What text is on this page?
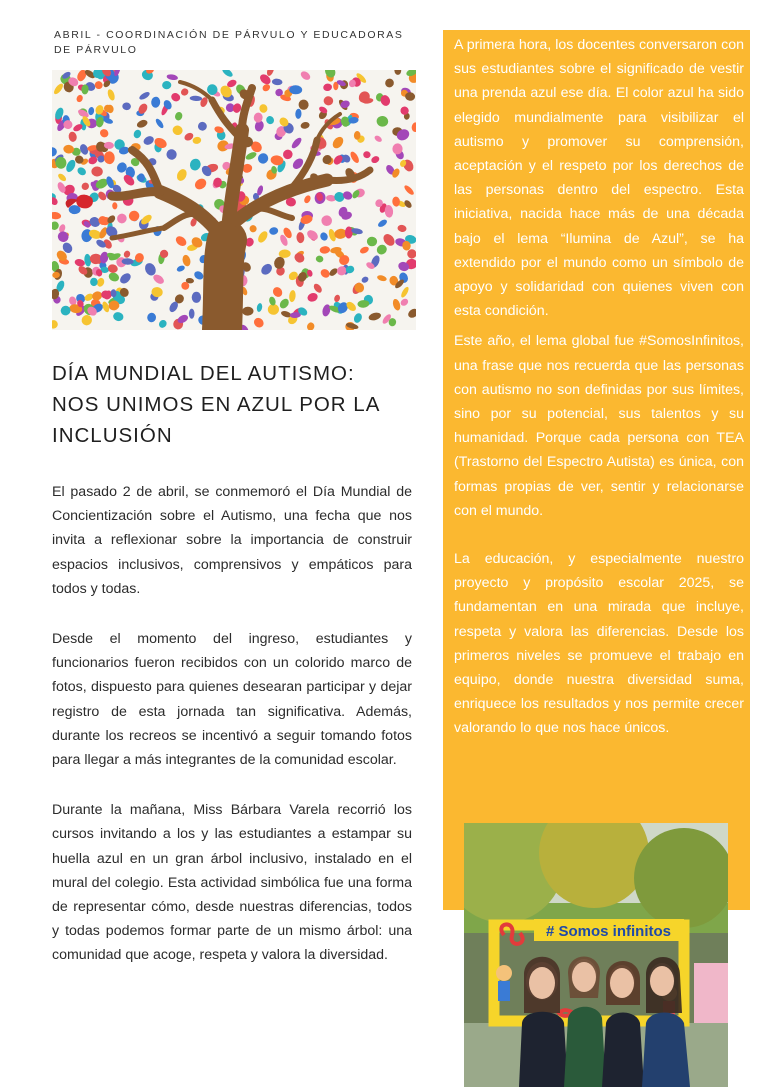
ABRIL - COORDINACIÓN DE PÁRVULO Y EDUCADORAS DE PÁRVULO
DÍA MUNDIAL DEL AUTISMO:
NOS UNIMOS EN AZUL POR LA
INCLUSIÓN

El pasado 2 de abril, se conmemoró el Día Mundial de Concientización sobre el Autismo, una fecha que nos invita a reflexionar sobre la importancia de construir espacios inclusivos, comprensivos y empáticos para todos y todas.

Desde el momento del ingreso, estudiantes y funcionarios fueron recibidos con un colorido marco de fotos, dispuesto para quienes desearan participar y dejar registro de esta jornada tan significativa. Además, durante los recreos se incentivó a seguir tomando fotos para llegar a más integrantes de la comunidad escolar.

Durante la mañana, Miss Bárbara Varela recorrió los cursos invitando a los y las estudiantes a estampar su huella azul en un gran árbol inclusivo, instalado en el mural del colegio. Esta actividad simbólica fue una forma de representar cómo, desde nuestras diferencias, todos y todas podemos formar parte de un mismo árbol: una comunidad que acoge, respeta y valora la diversidad.

A primera hora, los docentes conversaron con sus estudiantes sobre el significado de vestir una prenda azul ese día. El color azul ha sido elegido mundialmente para visibilizar el autismo y promover su comprensión, aceptación y el respeto por los derechos de las personas dentro del espectro. Esta iniciativa, nacida hace más de una década bajo el lema “Ilumina de Azul”, se ha extendido por el mundo como un símbolo de apoyo y solidaridad con quienes viven con esta condición.

Este año, el lema global fue #SomosInfinitos, una frase que nos recuerda que las personas con autismo no son definidas por sus límites, sino por su potencial, sus talentos y su humanidad. Porque cada persona con TEA (Trastorno del Espectro Autista) es única, con formas propias de ver, sentir y relacionarse con el mundo.

La educación, y especialmente nuestro proyecto y propósito escolar 2025, se fundamentan en una mirada que incluye, respeta y valora las diferencias. Desde los primeros niveles se promueve el trabajo en equipo, donde nuestra diversidad suma, enriquece los resultados y nos permite crecer valorando lo que nos hace únicos.

# Somos infinitos
